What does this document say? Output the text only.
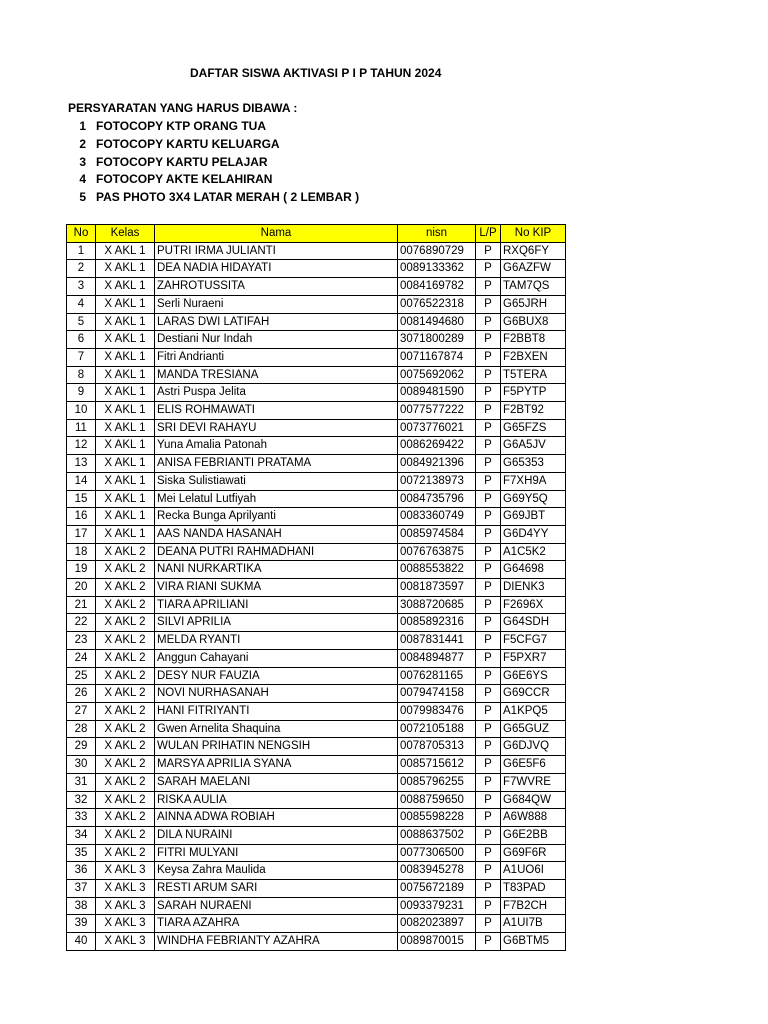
DAFTAR SISWA AKTIVASI P I P TAHUN 2024
PERSYARATAN YANG HARUS DIBAWA :
1 FOTOCOPY KTP ORANG TUA
2 FOTOCOPY KARTU KELUARGA
3 FOTOCOPY KARTU PELAJAR
4 FOTOCOPY AKTE KELAHIRAN
5 PAS PHOTO 3X4 LATAR MERAH ( 2 LEMBAR )
No	Kelas	Nama	nisn	L/P	No KIP
1	X AKL 1	PUTRI IRMA JULIANTI	0076890729	P	RXQ6FY
2	X AKL 1	DEA NADIA HIDAYATI	0089133362	P	G6AZFW
3	X AKL 1	ZAHROTUSSITA	0084169782	P	TAM7QS
4	X AKL 1	Serli Nuraeni	0076522318	P	G65JRH
5	X AKL 1	LARAS DWI LATIFAH	0081494680	P	G6BUX8
6	X AKL 1	Destiani Nur Indah	3071800289	P	F2BBT8
7	X AKL 1	Fitri Andrianti	0071167874	P	F2BXEN
8	X AKL 1	MANDA TRESIANA	0075692062	P	T5TERA
9	X AKL 1	Astri Puspa Jelita	0089481590	P	F5PYTP
10	X AKL 1	ELIS ROHMAWATI	0077577222	P	F2BT92
11	X AKL 1	SRI DEVI RAHAYU	0073776021	P	G65FZS
12	X AKL 1	Yuna Amalia Patonah	0086269422	P	G6A5JV
13	X AKL 1	ANISA FEBRIANTI PRATAMA	0084921396	P	G65353
14	X AKL 1	Siska Sulistiawati	0072138973	P	F7XH9A
15	X AKL 1	Mei Lelatul Lutfiyah	0084735796	P	G69Y5Q
16	X AKL 1	Recka Bunga Aprilyanti	0083360749	P	G69JBT
17	X AKL 1	AAS NANDA HASANAH	0085974584	P	G6D4YY
18	X AKL 2	DEANA PUTRI RAHMADHANI	0076763875	P	A1C5K2
19	X AKL 2	NANI NURKARTIKA	0088553822	P	G64698
20	X AKL 2	VIRA RIANI SUKMA	0081873597	P	DIENK3
21	X AKL 2	TIARA APRILIANI	3088720685	P	F2696X
22	X AKL 2	SILVI APRILIA	0085892316	P	G64SDH
23	X AKL 2	MELDA RYANTI	0087831441	P	F5CFG7
24	X AKL 2	Anggun Cahayani	0084894877	P	F5PXR7
25	X AKL 2	DESY NUR FAUZIA	0076281165	P	G6E6YS
26	X AKL 2	NOVI NURHASANAH	0079474158	P	G69CCR
27	X AKL 2	HANI FITRIYANTI	0079983476	P	A1KPQ5
28	X AKL 2	Gwen Arnelita Shaquina	0072105188	P	G65GUZ
29	X AKL 2	WULAN PRIHATIN NENGSIH	0078705313	P	G6DJVQ
30	X AKL 2	MARSYA APRILIA SYANA	0085715612	P	G6E5F6
31	X AKL 2	SARAH MAELANI	0085796255	P	F7WVRE
32	X AKL 2	RISKA AULIA	0088759650	P	G684QW
33	X AKL 2	AINNA ADWA ROBIAH	0085598228	P	A6W888
34	X AKL 2	DILA NURAINI	0088637502	P	G6E2BB
35	X AKL 2	FITRI MULYANI	0077306500	P	G69F6R
36	X AKL 3	Keysa Zahra Maulida	0083945278	P	A1UO6I
37	X AKL 3	RESTI ARUM SARI	0075672189	P	T83PAD
38	X AKL 3	SARAH NURAENI	0093379231	P	F7B2CH
39	X AKL 3	TIARA AZAHRA	0082023897	P	A1UI7B
40	X AKL 3	WINDHA FEBRIANTY AZAHRA	0089870015	P	G6BTM5
